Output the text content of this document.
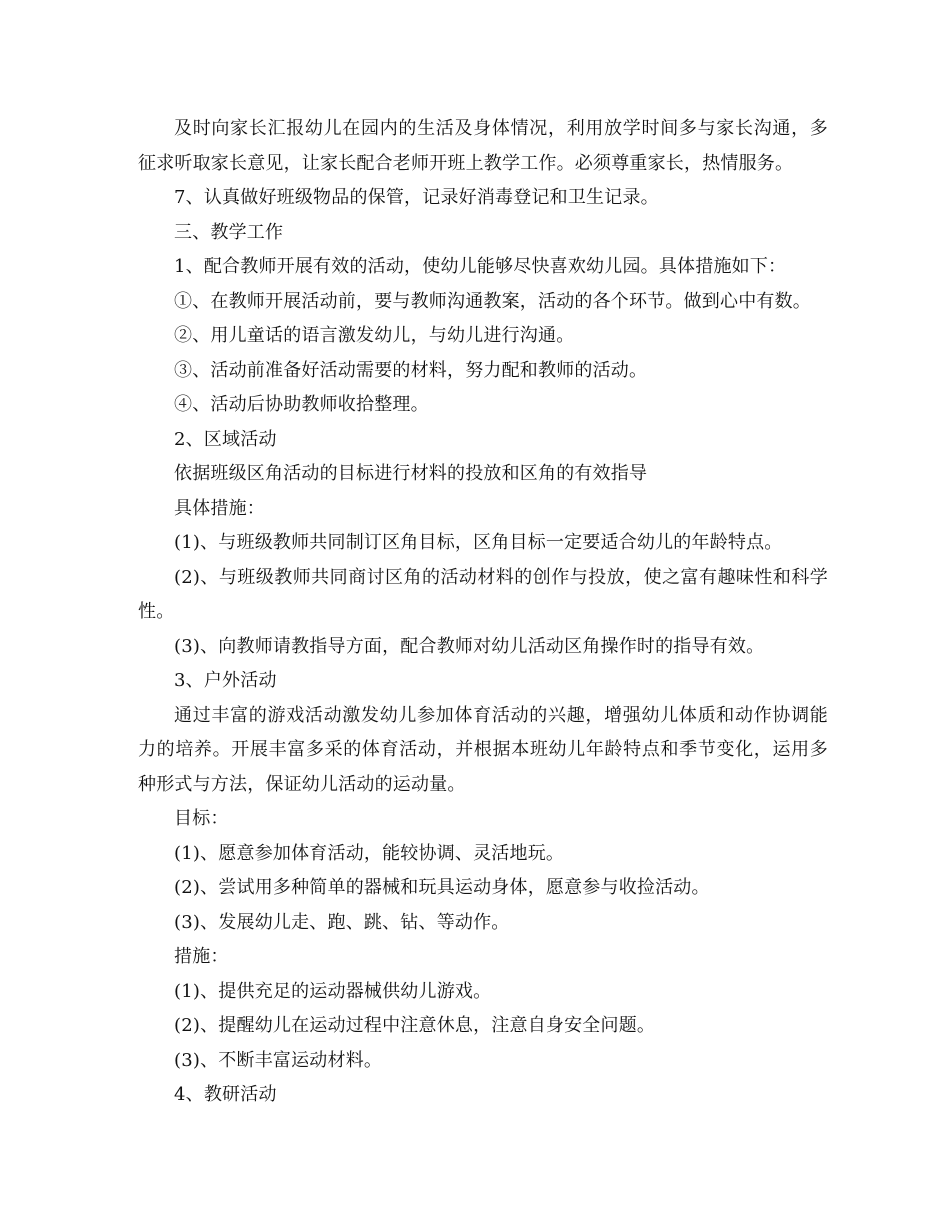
及时向家长汇报幼儿在园内的生活及身体情况，利用放学时间多与家长沟通，多征求听取家长意见，让家长配合老师开班上教学工作。必须尊重家长，热情服务。

7、认真做好班级物品的保管，记录好消毒登记和卫生记录。

三、教学工作

1、配合教师开展有效的活动，使幼儿能够尽快喜欢幼儿园。具体措施如下：

①、在教师开展活动前，要与教师沟通教案，活动的各个环节。做到心中有数。

②、用儿童话的语言激发幼儿，与幼儿进行沟通。

③、活动前准备好活动需要的材料，努力配和教师的活动。

④、活动后协助教师收拾整理。

2、区域活动

依据班级区角活动的目标进行材料的投放和区角的有效指导

具体措施：

(1)、与班级教师共同制订区角目标，区角目标一定要适合幼儿的年龄特点。

(2)、与班级教师共同商讨区角的活动材料的创作与投放，使之富有趣味性和科学性。

(3)、向教师请教指导方面，配合教师对幼儿活动区角操作时的指导有效。

3、户外活动

通过丰富的游戏活动激发幼儿参加体育活动的兴趣，增强幼儿体质和动作协调能力的培养。开展丰富多采的体育活动，并根据本班幼儿年龄特点和季节变化，运用多种形式与方法，保证幼儿活动的运动量。

目标：

(1)、愿意参加体育活动，能较协调、灵活地玩。

(2)、尝试用多种简单的器械和玩具运动身体，愿意参与收捡活动。

(3)、发展幼儿走、跑、跳、钻、等动作。

措施：

(1)、提供充足的运动器械供幼儿游戏。

(2)、提醒幼儿在运动过程中注意休息，注意自身安全问题。

(3)、不断丰富运动材料。

4、教研活动
